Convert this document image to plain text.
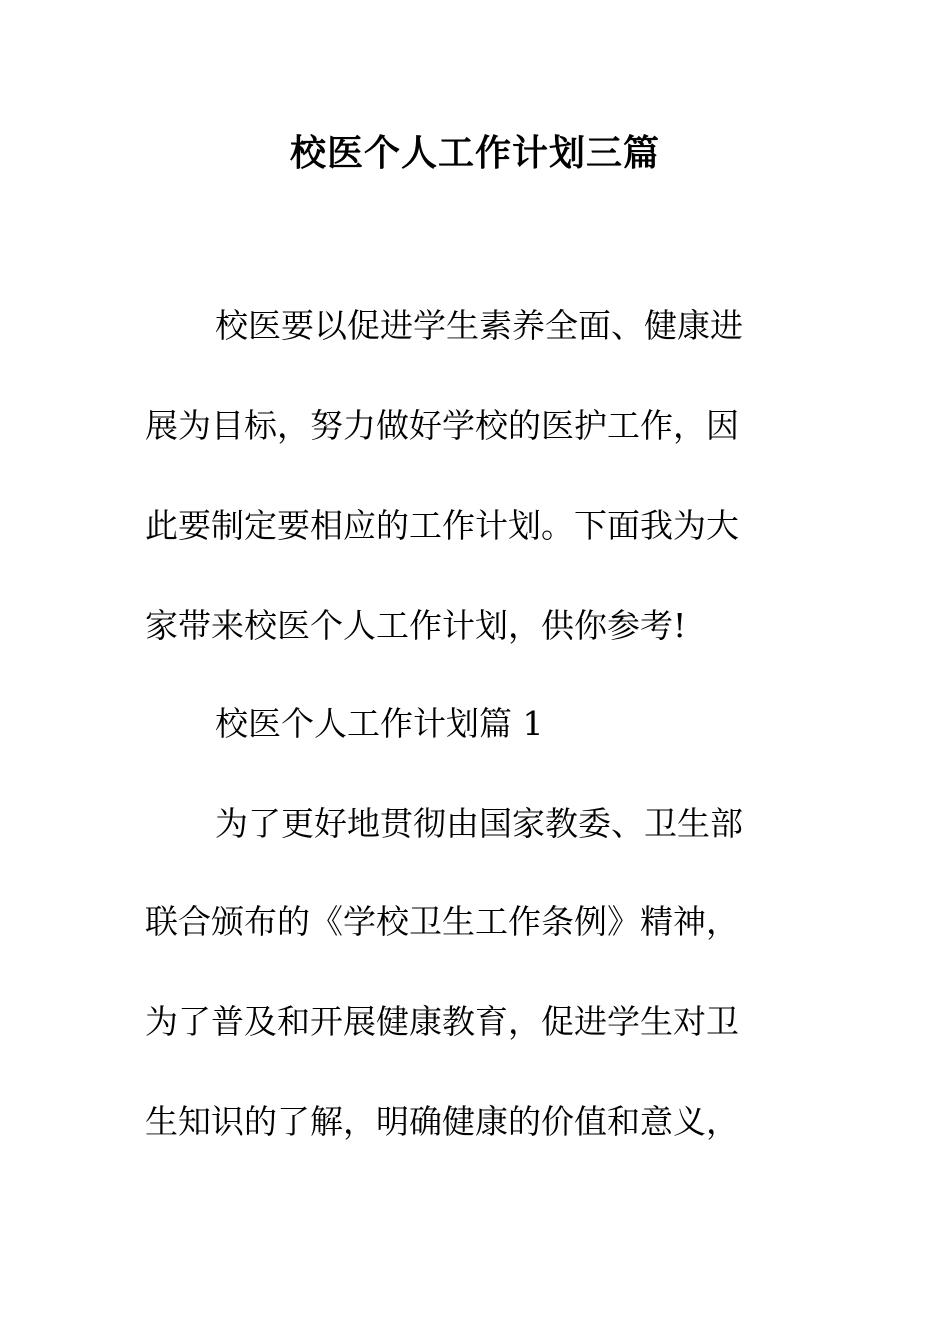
校医个人工作计划三篇
校医要以促进学生素养全面、健康进
展为目标，努力做好学校的医护工作，因
此要制定要相应的工作计划。下面我为大
家带来校医个人工作计划，供你参考!
校医个人工作计划篇 1
为了更好地贯彻由国家教委、卫生部
联合颁布的《学校卫生工作条例》精神，
为了普及和开展健康教育，促进学生对卫
生知识的了解，明确健康的价值和意义，
